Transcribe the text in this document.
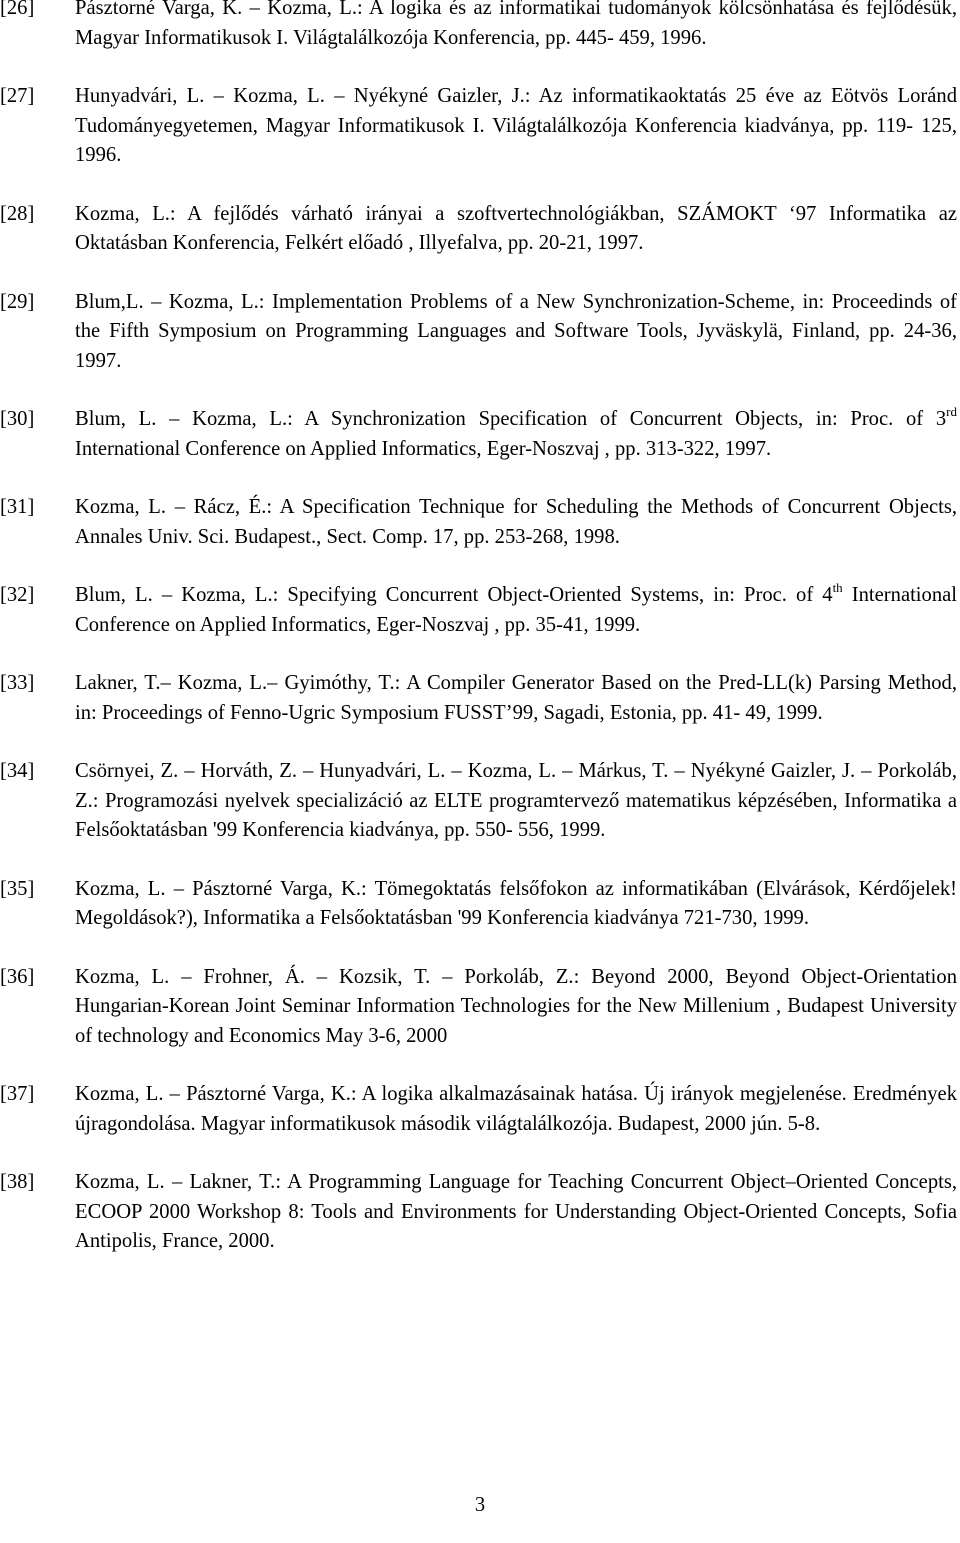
[26] Pásztorné Varga, K. – Kozma, L.: A logika és az informatikai tudományok kölcsönhatása és fejlődésük, Magyar Informatikusok I. Világtalálkozója Konferencia, pp. 445- 459, 1996.
[27] Hunyadvári, L. – Kozma, L. – Nyékyné Gaizler, J.: Az informatikaoktatás 25 éve az Eötvös Loránd Tudományegyetemen, Magyar Informatikusok I. Világtalálkozója Konferencia kiadványa, pp. 119- 125, 1996.
[28] Kozma, L.: A fejlődés várható irányai a szoftvertechnológiákban, SZÁMOKT ‘97 Informatika az Oktatásban Konferencia, Felkért előadó , Illyefalva, pp. 20-21, 1997.
[29] Blum,L. – Kozma, L.: Implementation Problems of a New Synchronization-Scheme, in: Proceedinds of the Fifth Symposium on Programming Languages and Software Tools, Jyväskylä, Finland, pp. 24-36, 1997.
[30] Blum, L. – Kozma, L.: A Synchronization Specification of Concurrent Objects, in: Proc. of 3rd International Conference on Applied Informatics, Eger-Noszvaj , pp. 313-322, 1997.
[31] Kozma, L. – Rácz, É.: A Specification Technique for Scheduling the Methods of Concurrent Objects, Annales Univ. Sci. Budapest., Sect. Comp. 17, pp. 253-268, 1998.
[32] Blum, L. – Kozma, L.: Specifying Concurrent Object-Oriented Systems, in: Proc. of 4th International Conference on Applied Informatics, Eger-Noszvaj , pp. 35-41, 1999.
[33] Lakner, T.– Kozma, L.– Gyimóthy, T.: A Compiler Generator Based on the Pred-LL(k) Parsing Method, in: Proceedings of Fenno-Ugric Symposium FUSST’99, Sagadi, Estonia, pp. 41- 49, 1999.
[34] Csörnyei, Z. – Horváth, Z. – Hunyadvári, L. – Kozma, L. – Márkus, T. – Nyékyné Gaizler, J. – Porkoláb, Z.: Programozási nyelvek specializáció az ELTE programtervező matematikus képzésében, Informatika a Felsőoktatásban '99 Konferencia kiadványa, pp. 550- 556, 1999.
[35] Kozma, L. – Pásztorné Varga, K.: Tömegoktatás felsőfokon az informatikában (Elvárások, Kérdőjelek! Megoldások?), Informatika a Felsőoktatásban '99 Konferencia kiadványa 721-730, 1999.
[36] Kozma, L. – Frohner, Á. – Kozsik, T. – Porkoláb, Z.: Beyond 2000, Beyond Object-Orientation Hungarian-Korean Joint Seminar Information Technologies for the New Millenium , Budapest University of technology and Economics May 3-6, 2000
[37] Kozma, L. – Pásztorné Varga, K.: A logika alkalmazásainak hatása. Új irányok megjelenése. Eredmények újragondolása. Magyar informatikusok második világtalálkozója. Budapest, 2000 jún. 5-8.
[38] Kozma, L. – Lakner, T.: A Programming Language for Teaching Concurrent Object–Oriented Concepts, ECOOP 2000 Workshop 8: Tools and Environments for Understanding Object-Oriented Concepts, Sofia Antipolis, France, 2000.
3
